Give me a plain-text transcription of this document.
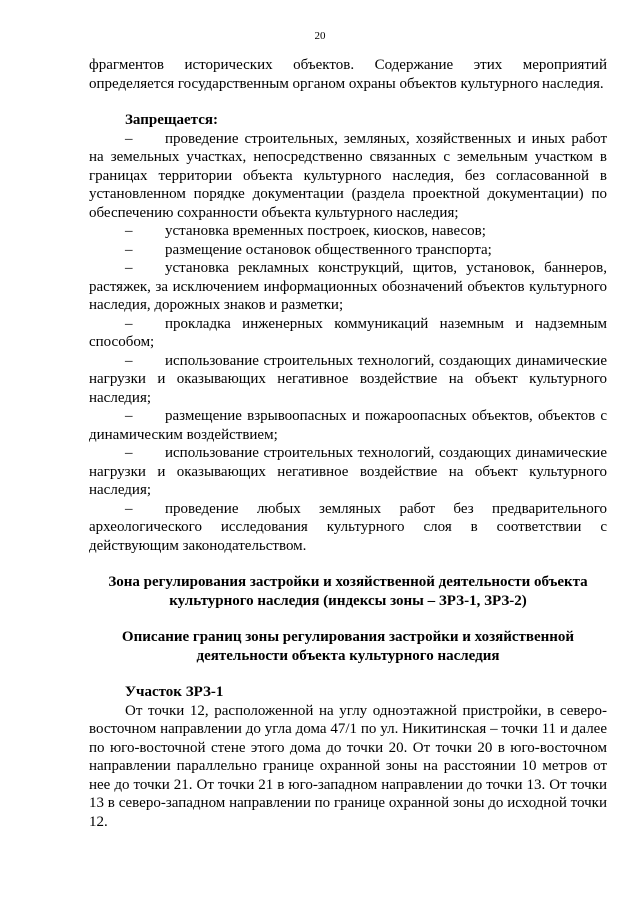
20

фрагментов исторических объектов. Содержание этих мероприятий определяется государственным органом охраны объектов культурного наследия.

Запрещается:

– проведение строительных, земляных, хозяйственных и иных работ на земельных участках, непосредственно связанных с земельным участком в границах территории объекта культурного наследия, без согласованной в установленном порядке документации (раздела проектной документации) по обеспечению сохранности объекта культурного наследия;
– установка временных построек, киосков, навесов;
– размещение остановок общественного транспорта;
– установка рекламных конструкций, щитов, установок, баннеров, растяжек, за исключением информационных обозначений объектов культурного наследия, дорожных знаков и разметки;
– прокладка инженерных коммуникаций наземным и надземным способом;
– использование строительных технологий, создающих динамические нагрузки и оказывающих негативное воздействие на объект культурного наследия;
– размещение взрывоопасных и пожароопасных объектов, объектов с динамическим воздействием;
– использование строительных технологий, создающих динамические нагрузки и оказывающих негативное воздействие на объект культурного наследия;
– проведение любых земляных работ без предварительного археологического исследования культурного слоя в соответствии с действующим законодательством.

Зона регулирования застройки и хозяйственной деятельности объекта культурного наследия (индексы зоны – ЗРЗ-1, ЗРЗ-2)

Описание границ зоны регулирования застройки и хозяйственной деятельности объекта культурного наследия

Участок ЗРЗ-1

От точки 12, расположенной на углу одноэтажной пристройки, в северо-восточном направлении до угла дома 47/1 по ул. Никитинская – точки 11 и далее по юго-восточной стене этого дома до точки 20. От точки 20 в юго-восточном направлении параллельно границе охранной зоны на расстоянии 10 метров от нее до точки 21. От точки 21 в юго-западном направлении до точки 13. От точки 13 в северо-западном направлении по границе охранной зоны до исходной точки 12.
